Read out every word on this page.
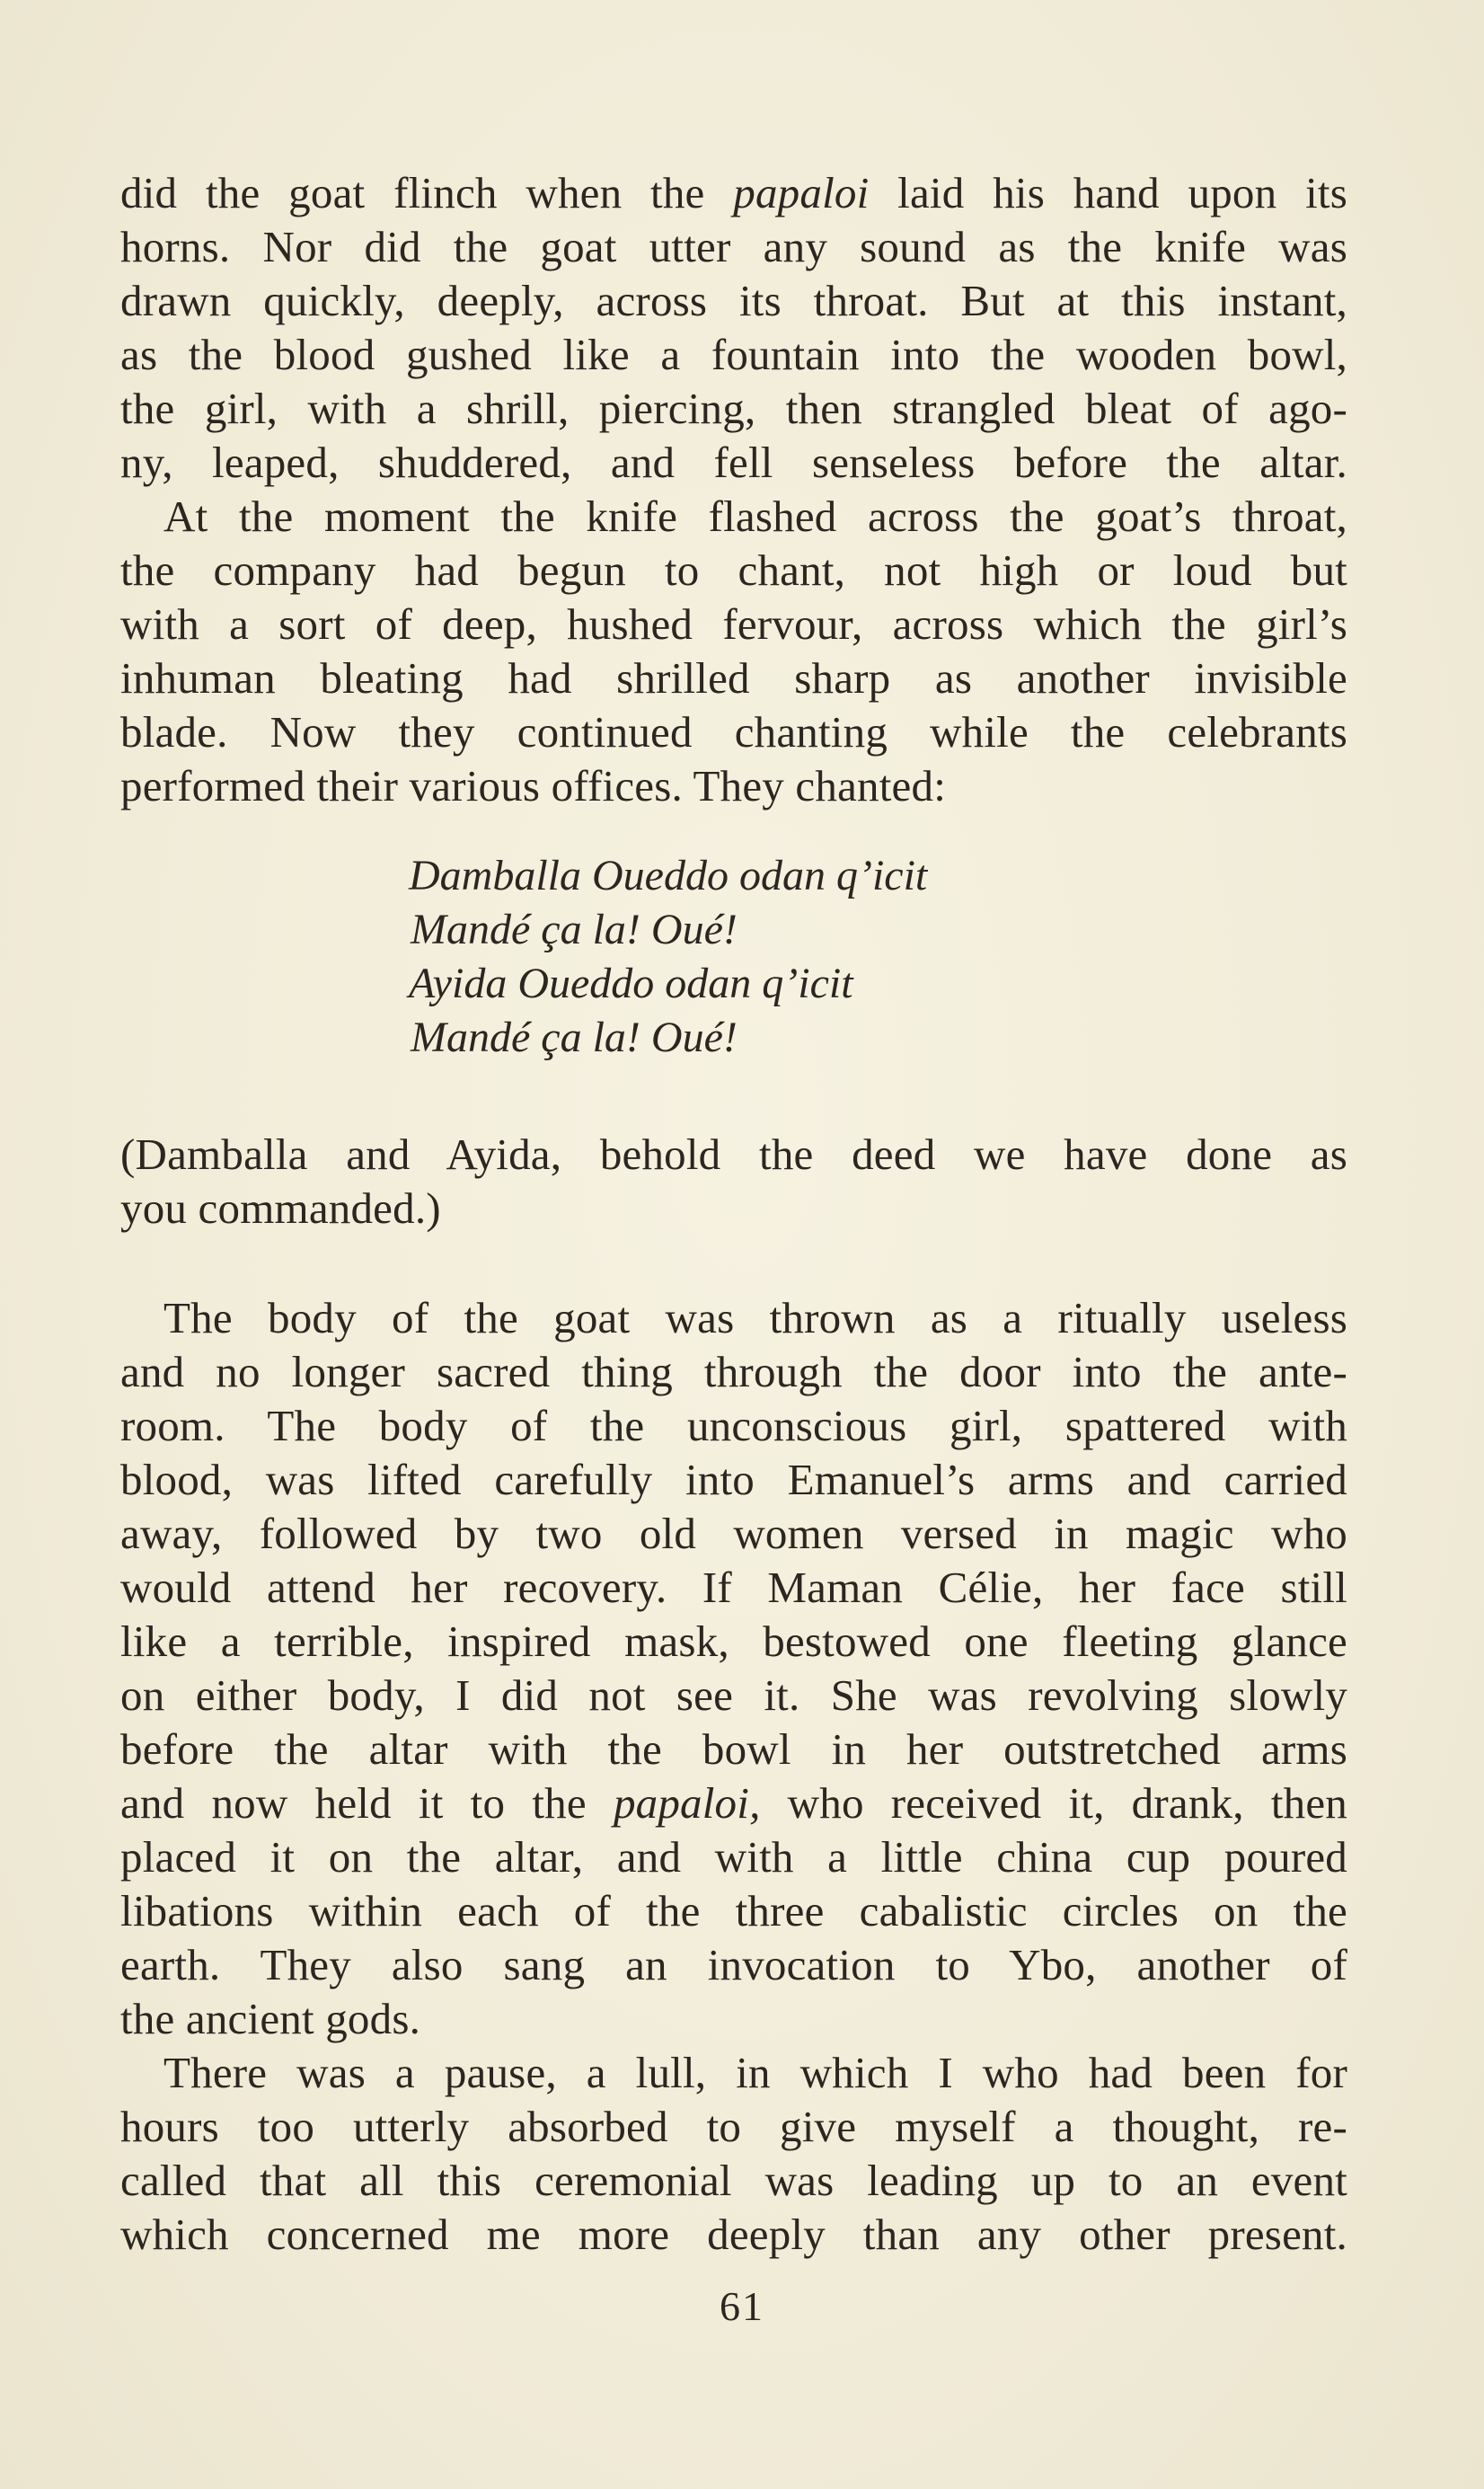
did the goat flinch when the papaloi laid his hand upon its
horns. Nor did the goat utter any sound as the knife was
drawn quickly, deeply, across its throat. But at this instant,
as the blood gushed like a fountain into the wooden bowl,
the girl, with a shrill, piercing, then strangled bleat of ago-
ny, leaped, shuddered, and fell senseless before the altar.
At the moment the knife flashed across the goat’s throat,
the company had begun to chant, not high or loud but
with a sort of deep, hushed fervour, across which the girl’s
inhuman bleating had shrilled sharp as another invisible
blade. Now they continued chanting while the celebrants
performed their various offices. They chanted:
Damballa Oueddo odan q’icit
Mandé ça la! Oué!
Ayida Oueddo odan q’icit
Mandé ça la! Oué!
(Damballa and Ayida, behold the deed we have done as
you commanded.)
The body of the goat was thrown as a ritually useless
and no longer sacred thing through the door into the ante-
room. The body of the unconscious girl, spattered with
blood, was lifted carefully into Emanuel’s arms and carried
away, followed by two old women versed in magic who
would attend her recovery. If Maman Célie, her face still
like a terrible, inspired mask, bestowed one fleeting glance
on either body, I did not see it. She was revolving slowly
before the altar with the bowl in her outstretched arms
and now held it to the papaloi, who received it, drank, then
placed it on the altar, and with a little china cup poured
libations within each of the three cabalistic circles on the
earth. They also sang an invocation to Ybo, another of
the ancient gods.
There was a pause, a lull, in which I who had been for
hours too utterly absorbed to give myself a thought, re-
called that all this ceremonial was leading up to an event
which concerned me more deeply than any other present.
61
